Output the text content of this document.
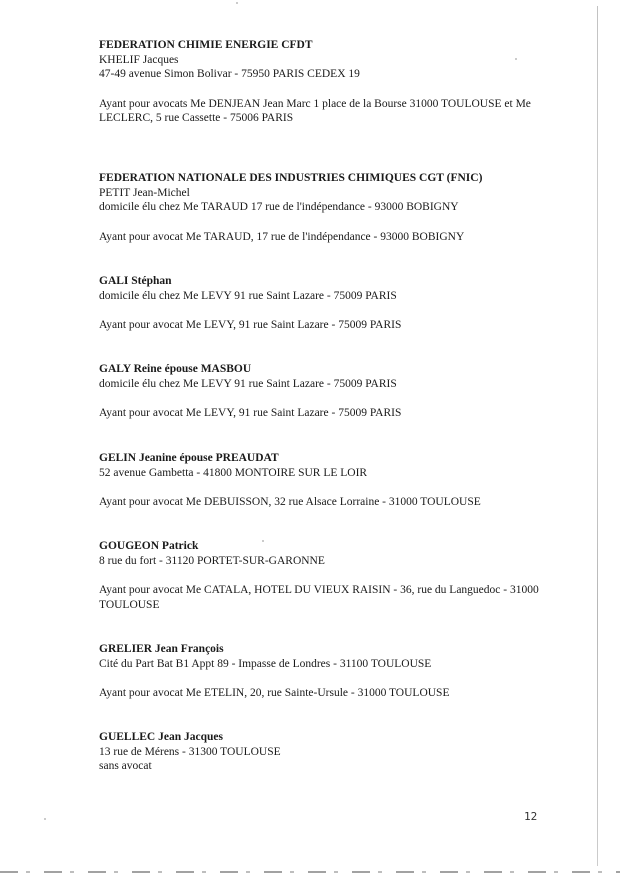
FEDERATION CHIMIE ENERGIE CFDT
KHELIF Jacques
47-49 avenue Simon Bolivar - 75950 PARIS CEDEX 19
Ayant pour avocats Me DENJEAN Jean Marc 1 place de la Bourse 31000 TOULOUSE et Me LECLERC, 5 rue Cassette - 75006 PARIS
FEDERATION NATIONALE DES INDUSTRIES CHIMIQUES CGT (FNIC)
PETIT Jean-Michel
domicile élu chez Me TARAUD 17 rue de l'indépendance - 93000 BOBIGNY
Ayant pour avocat Me TARAUD, 17 rue de l'indépendance - 93000 BOBIGNY
GALI Stéphan
domicile élu chez Me LEVY 91 rue Saint Lazare - 75009 PARIS
Ayant pour avocat Me LEVY, 91 rue Saint Lazare - 75009 PARIS
GALY Reine épouse MASBOU
domicile élu chez Me LEVY 91 rue Saint Lazare - 75009 PARIS
Ayant pour avocat Me LEVY, 91 rue Saint Lazare - 75009 PARIS
GELIN Jeanine épouse PREAUDAT
52 avenue Gambetta - 41800 MONTOIRE SUR LE LOIR
Ayant pour avocat Me DEBUISSON, 32 rue Alsace Lorraine - 31000 TOULOUSE
GOUGEON Patrick
8 rue du fort - 31120 PORTET-SUR-GARONNE
Ayant pour avocat Me CATALA, HOTEL DU VIEUX RAISIN - 36, rue du Languedoc - 31000 TOULOUSE
GRELIER Jean François
Cité du Part Bat B1 Appt 89 - Impasse de Londres - 31100 TOULOUSE
Ayant pour avocat Me ETELIN, 20, rue Sainte-Ursule - 31000 TOULOUSE
GUELLEC Jean Jacques
13 rue de Mérens - 31300 TOULOUSE
sans avocat
12
